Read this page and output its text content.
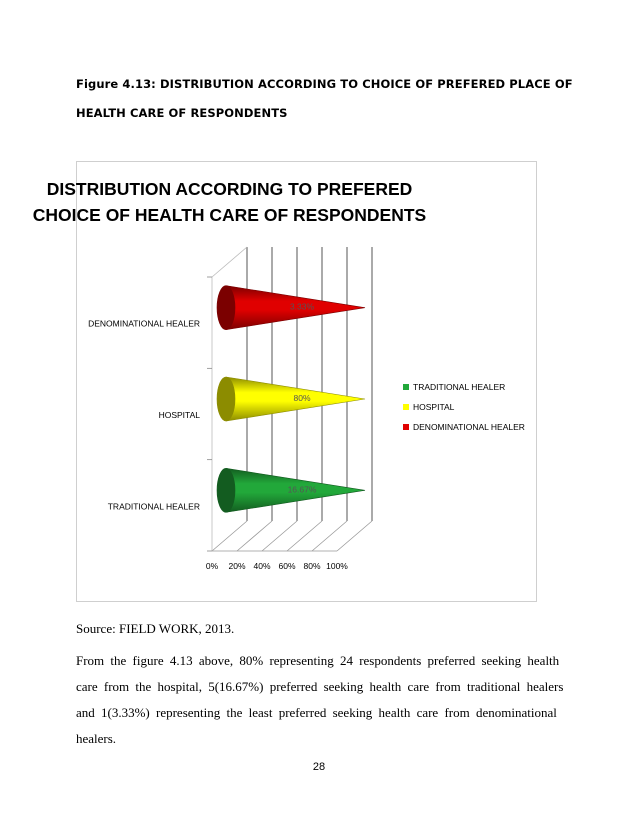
Figure 4.13: DISTRIBUTION ACCORDING TO CHOICE OF PREFERED PLACE OF
HEALTH CARE OF RESPONDENTS
DISTRIBUTION ACCORDING TO PREFERED
CHOICE OF HEALTH CARE OF RESPONDENTS
0% 20% 40% 60% 80% 100%
TRADITIONAL HEALER
16.67%
HOSPITAL
80%
DENOMINATIONAL HEALER
3.33%
TRADITIONAL HEALER
HOSPITAL
DENOMINATIONAL HEALER
Source: FIELD WORK, 2013.
From the figure 4.13 above, 80% representing 24 respondents preferred seeking health care from the hospital, 5(16.67%) preferred seeking health care from traditional healers and 1(3.33%) representing the least preferred seeking health care from denominational healers.
28
